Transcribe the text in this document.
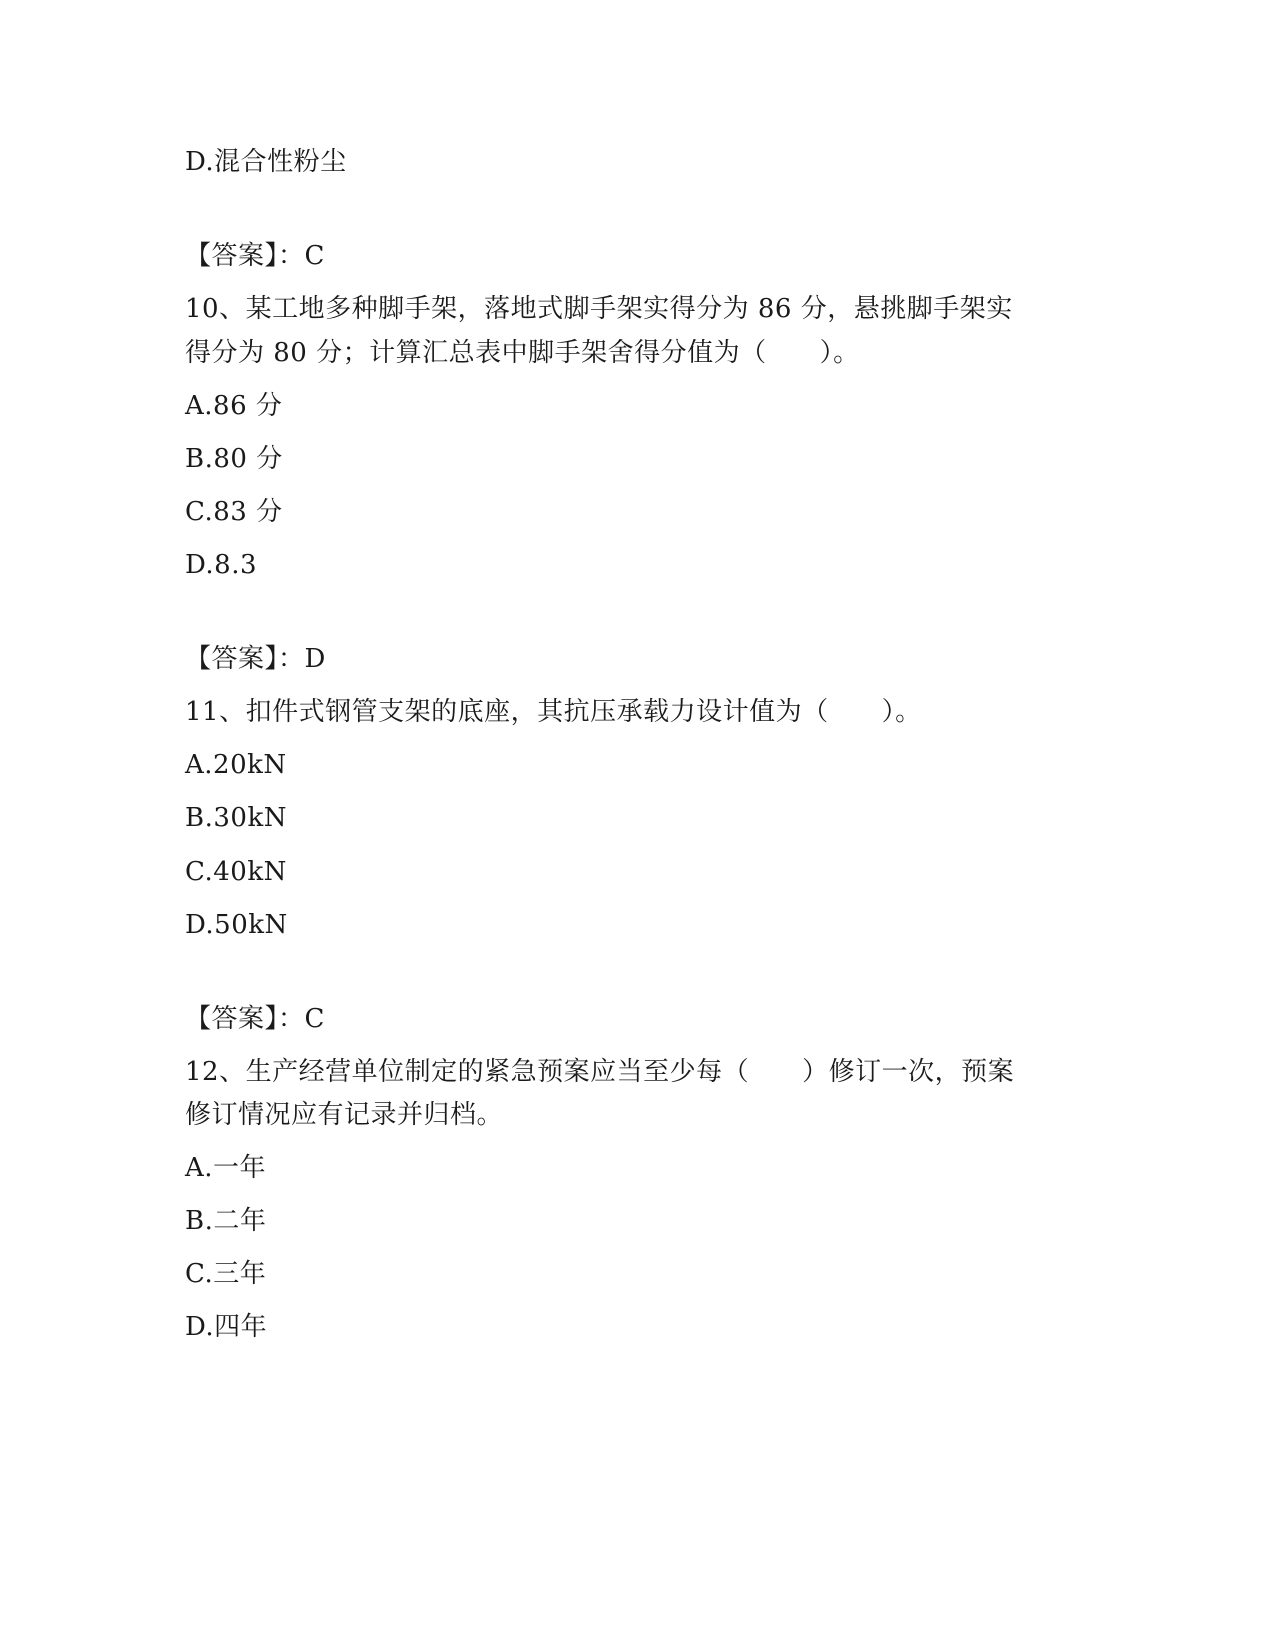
D.混合性粉尘
【答案】：C
10、某工地多种脚手架，落地式脚手架实得分为 86 分，悬挑脚手架实
得分为 80 分；计算汇总表中脚手架舍得分值为（　　）。
A.86 分
B.80 分
C.83 分
D.8.3
【答案】：D
11、扣件式钢管支架的底座，其抗压承载力设计值为（　　）。
A.20kN
B.30kN
C.40kN
D.50kN
【答案】：C
12、生产经营单位制定的紧急预案应当至少每（　　）修订一次，预案
修订情况应有记录并归档。
A.一年
B.二年
C.三年
D.四年
